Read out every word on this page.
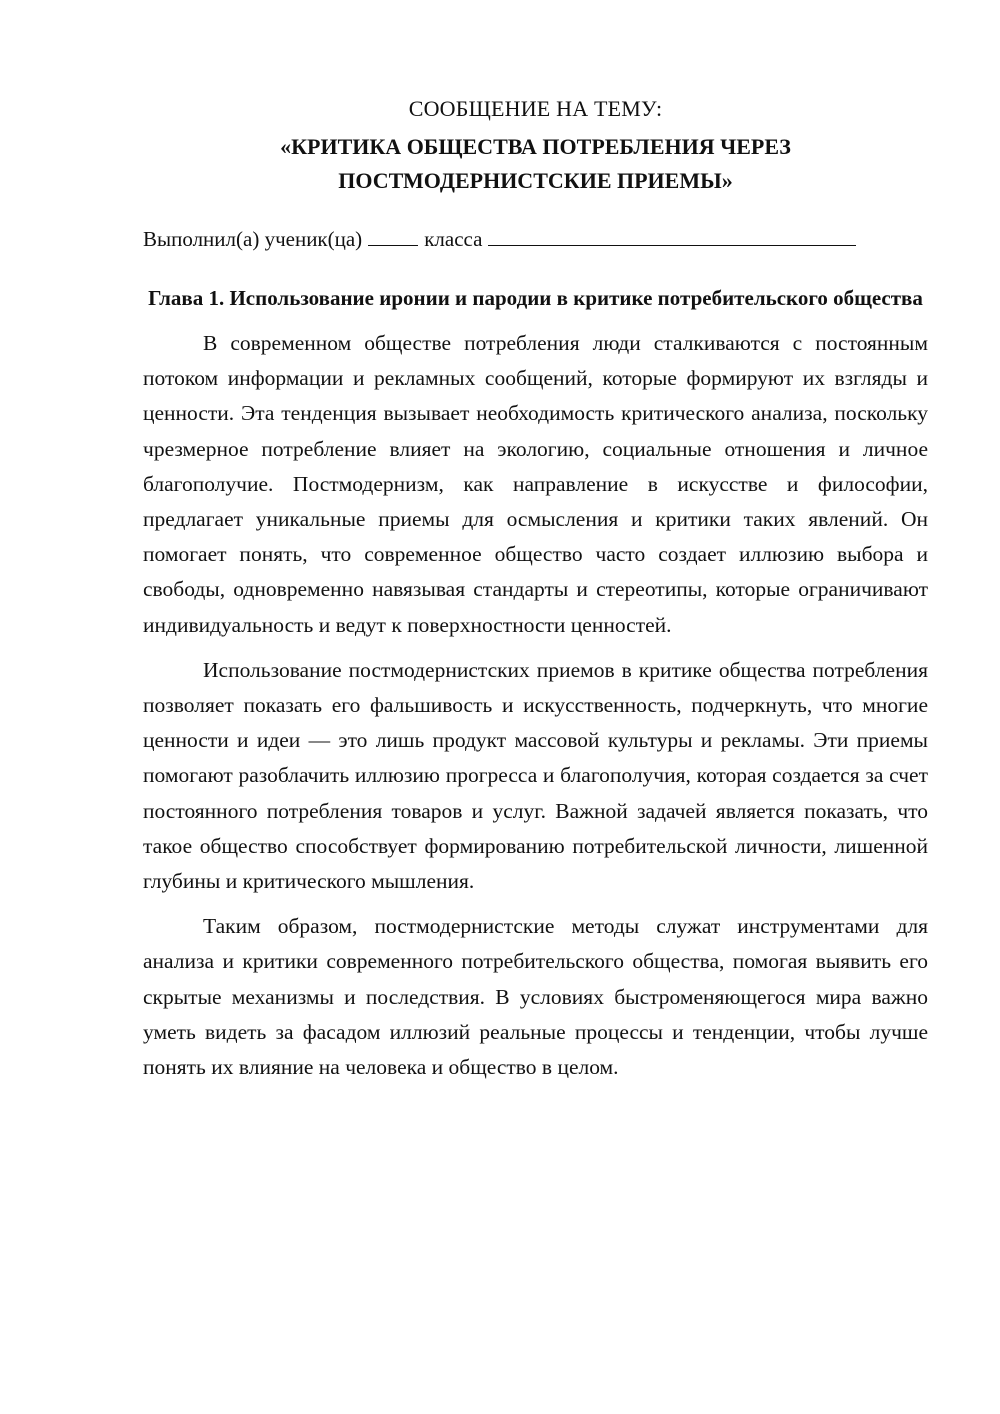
СООБЩЕНИЕ НА ТЕМУ:
«КРИТИКА ОБЩЕСТВА ПОТРЕБЛЕНИЯ ЧЕРЕЗ
ПОСТМОДЕРНИСТСКИЕ ПРИЕМЫ»
Выполнил(а) ученик(ца)	класса
Глава 1. Использование иронии и пародии в критике потребительского общества

В современном обществе потребления люди сталкиваются с постоянным потоком информации и рекламных сообщений, которые формируют их взгляды и ценности. Эта тенденция вызывает необходимость критического анализа, поскольку чрезмерное потребление влияет на экологию, социальные отношения и личное благополучие. Постмодернизм, как направление в искусстве и философии, предлагает уникальные приемы для осмысления и критики таких явлений. Он помогает понять, что современное общество часто создает иллюзию выбора и свободы, одновременно навязывая стандарты и стереотипы, которые ограничивают индивидуальность и ведут к поверхностности ценностей.

Использование постмодернистских приемов в критике общества потребления позволяет показать его фальшивость и искусственность, подчеркнуть, что многие ценности и идеи — это лишь продукт массовой культуры и рекламы. Эти приемы помогают разоблачить иллюзию прогресса и благополучия, которая создается за счет постоянного потребления товаров и услуг. Важной задачей является показать, что такое общество способствует формированию потребительской личности, лишенной глубины и критического мышления.

Таким образом, постмодернистские методы служат инструментами для анализа и критики современного потребительского общества, помогая выявить его скрытые механизмы и последствия. В условиях быстроменяющегося мира важно уметь видеть за фасадом иллюзий реальные процессы и тенденции, чтобы лучше понять их влияние на человека и общество в целом.
